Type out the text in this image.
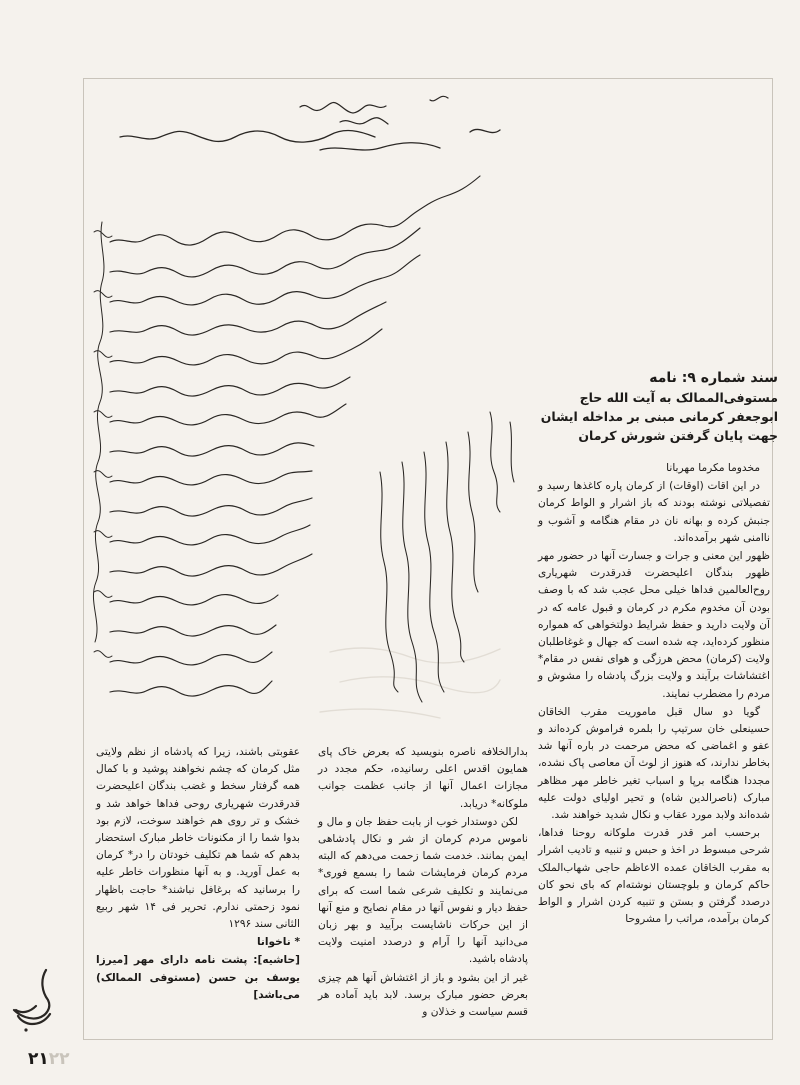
سند شماره ۹: نامه
مستوفی‌الممالک به آیت الله حاج
ابوجعفر کرمانی مبنی بر مداخله ایشان
جهت پایان گرفتن شورش کرمان

مخدوما مکرما مهربانا

در این اقات (اوقات) از کرمان پاره کاغذها رسید و تفصیلاتی نوشته بودند که باز اشرار و الواط کرمان جنبش کرده و بهانه نان در مقام هنگامه و آشوب و ناامنی شهر برآمده‌اند.

ظهور این معنی و جرات و جسارت آنها در حضور مهر ظهور بندگان اعلیحضرت قدرقدرت شهریاری روح‌العالمین فداها خیلی محل عجب شد که با وصف بودن آن مخدوم مکرم در کرمان و قبول عامه که در آن ولایت دارید و حفظ شرایط دولتخواهی که همواره منظور کرده‌اید، چه شده است که جهال و غوغاطلبان ولایت (کرمان) محض هرزگی و هوای نفس در مقام* اغتشاشات برآیند و ولایت بزرگ پادشاه را مشوش و مردم را مضطرب نمایند.

گویا دو سال قبل ماموریت مقرب الخاقان حسینعلی خان سرتیپ را بلمره فراموش کرده‌اند و عفو و اغماضی که محض مرحمت در باره آنها شد بخاطر ندارند، که هنوز از لوث آن معاصی پاک نشده، مجددا هنگامه برپا و اسباب تغیر خاطر مهر مظاهر مبارک (ناصرالدین شاه) و تحیر اولیای دولت علیه شده‌اند ولابد مورد عقاب و نکال شدید خواهند شد.

برحسب امر قدر قدرت ملوکانه روحنا فداها، شرحی مبسوط در اخذ و حبس و تنبیه و تادیب اشرار به مقرب الخاقان عمده الاعاظم حاجی شهاب‌الملک حاکم کرمان و بلوچستان نوشته‌ام که بای نحو کان درصدد گرفتن و بستن و تنبیه کردن اشرار و الواط کرمان برآمده، مراتب را مشروحا

بدارالخلافه ناصره بنویسید که بعرض خاک پای همایون اقدس اعلی رسانیده، حکم مجدد در مجازات اعمال آنها از جانب عظمت جوانب ملوکانه* دریابد.

لکن دوستدار خوب از بابت حفظ جان و مال و ناموس مردم کرمان از شر و نکال پادشاهی ایمن بمانند. خدمت شما زحمت می‌دهم که البته مردم کرمان فرمایشات شما را بسمع فوری* می‌نمایند و تکلیف شرعی شما است که برای حفظ دیار و نفوس آنها در مقام نصایح و منع آنها از این حرکات ناشایست برآیید و بهر زبان می‌دانید آنها را آرام و درصدد امنیت ولایت پادشاه باشید.

غیر از این بشود و باز از اغتشاش آنها هم چیزی بعرض حضور مبارک برسد. لابد باید آماده هر قسم سیاست و خذلان و

عقوبتی باشند، زیرا که پادشاه از نظم ولایتی مثل کرمان که چشم نخواهند پوشید و با کمال همه گرفتار سخط و غضب بندگان اعلیحضرت قدرقدرت شهریاری روحی فداها خواهد شد و خشک و تر روی هم خواهند سوخت، لازم بود بدوا شما را از مکنونات خاطر مبارک استحضار بدهم که شما هم تکلیف خودتان را در* کرمان به عمل آورید. و به آنها منظورات خاطر علیه را برسانید که برغافل نباشند* حاجت باظهار نمود زحمتی ندارم. تحریر فی ۱۴ شهر ربیع الثانی سند ۱۲۹۶

* ناخوانا

[حاشیه]: پشت نامه دارای مهر [میرزا یوسف بن حسن (مستوفی الممالک) می‌باشد]

۲۱۲۲
